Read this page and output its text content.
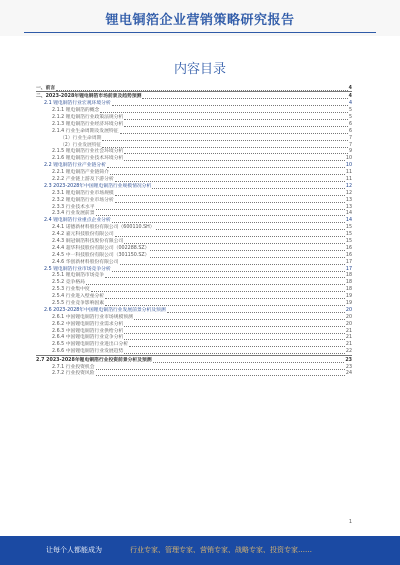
锂电铜箔企业营销策略研究报告
内容目录
一、前言	4
二、2023-2028年锂电铜箔市场前景及趋势预测	4
2.1 锂电铜箔行业宏观环境分析	4
2.1.1 锂电铜箔的概念	5
2.1.2 锂电铜箔行业政策法规分析	5
2.1.3 锂电铜箔行业经济环境分析	6
2.1.4 行业生命周期及发展特征	6
（1）行业生命周期	7
（2）行业发展特征	7
2.1.5 锂电铜箔行业社会环境分析	9
2.1.6 锂电铜箔行业技术环境分析	10
2.2 锂电铜箔行业产业链分析	10
2.2.1 锂电铜箔产业链简介	11
2.2.2 产业链上游及下游分析	11
2.3 2023-2028年中国锂电铜箔行业规模情况分析	12
2.3.1 锂电铜箔行业市场规模	12
2.3.2 锂电铜箔行业市场分析	13
2.3.3 行业技术水平	13
2.3.4 行业发展前景	14
2.4 锂电铜箔行业重点企业分析	14
2.4.1 诺德新材料股份有限公司（600110.SH）	15
2.4.2 嘉元科技股份有限公司	15
2.4.3 铜冠铜箔科技股份有限公司	15
2.4.4 超华科技股份有限公司（002288.SZ）	16
2.4.5 中一科技股份有限公司（301150.SZ）	16
2.4.6 华创新材料股份有限公司	17
2.5 锂电铜箔行业市场竞争分析	17
2.5.1 锂电铜箔市场竞争	18
2.5.2 竞争格局	18
2.5.3 行业集中度	18
2.5.4 行业进入壁垒分析	19
2.5.5 行业竞争影响因素	19
2.6 2023-2028年中国锂电铜箔行业发展前景分析及预测	20
2.6.1 中国锂电铜箔行业市场规模预测	20
2.6.2 中国锂电铜箔行业需求分析	20
2.6.3 中国锂电铜箔行业供给分析	21
2.6.4 中国锂电铜箔行业竞争分析	21
2.6.5 中国锂电铜箔行业进出口分析	21
2.6.6 中国锂电铜箔行业发展趋势	22
2.7 2023-2028年锂电铜箔行业投资前景分析及预测	23
2.7.1 行业投资机会	23
2.7.2 行业投资风险	24
1
让每个人都能成为	行业专家、管理专家、营销专家、战略专家、投资专家……
